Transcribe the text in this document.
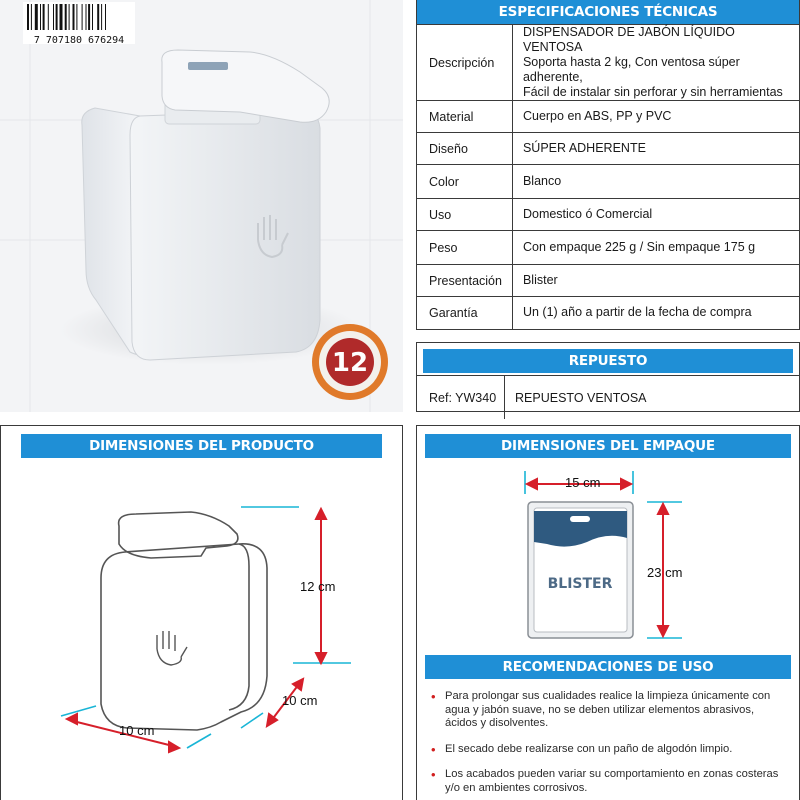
12
7 707180 676294
ESPECIFICACIONES TÉCNICAS
Descripción	DISPENSADOR DE JABÓN LÍQUIDO VENTOSA
Soporta hasta 2 kg, Con ventosa súper adherente,
Fácil de instalar sin perforar y sin herramientas

Material	Cuerpo en ABS, PP y PVC

Diseño	SÚPER ADHERENTE

Color	Blanco

Uso	Domestico ó Comercial

Peso	Con empaque 225 g / Sin empaque 175 g

Presentación	Blister

Garantía	Un (1) año a partir de la fecha de compra
REPUESTO
Ref: YW340	REPUESTO VENTOSA
DIMENSIONES DEL PRODUCTO
12 cm
10 cm
10 cm
DIMENSIONES DEL EMPAQUE
BLISTER
15 cm
23 cm
RECOMENDACIONES DE USO
• Para prolongar sus cualidades realice la limpieza únicamente con agua y jabón suave, no se deben utilizar elementos abrasivos, ácidos y disolventes.
• El secado debe realizarse con un paño de algodón limpio.
• Los acabados pueden variar su comportamiento en zonas costeras y/o en ambientes corrosivos.
